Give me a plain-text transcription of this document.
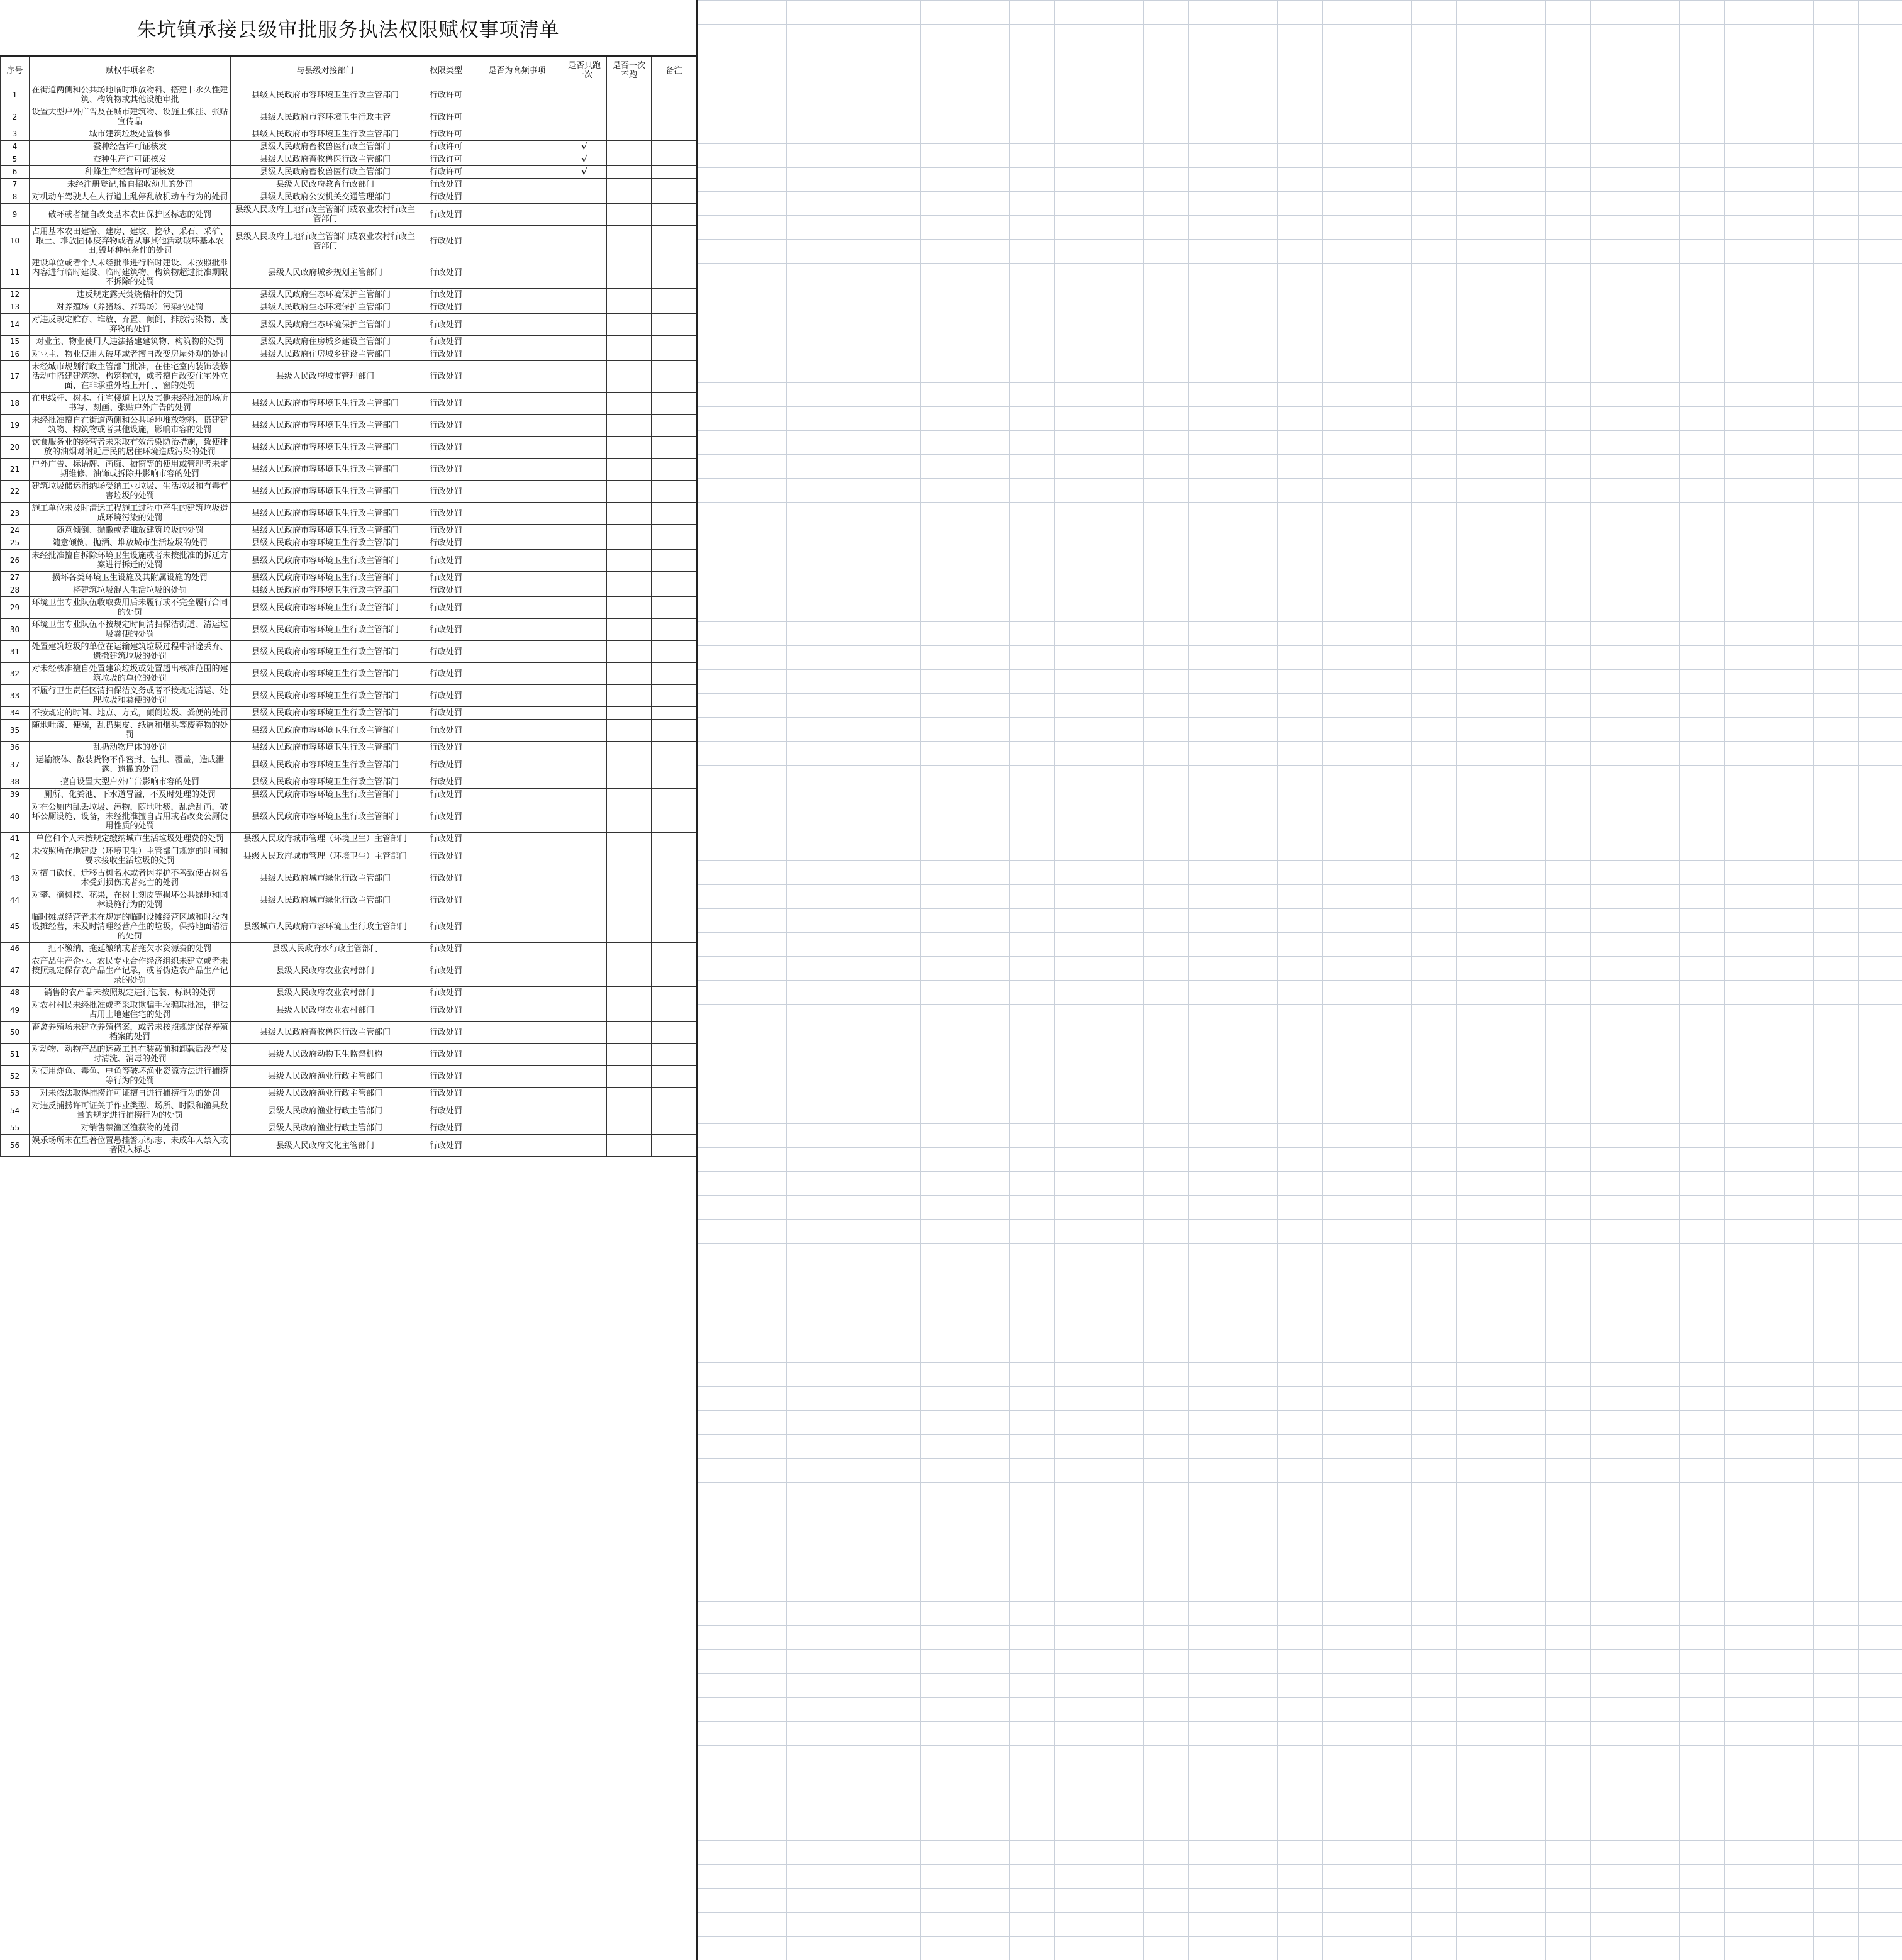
朱坑镇承接县级审批服务执法权限赋权事项清单
序号	赋权事项名称	与县级对接部门	权限类型	是否为高频事项	是否只跑一次	是否一次不跑	备注
1	在街道两侧和公共场地临时堆放物料、搭建非永久性建筑、构筑物或其他设施审批	县级人民政府市容环境卫生行政主管部门	行政许可				
2	设置大型户外广告及在城市建筑物、设施上张挂、张贴宣传品	县级人民政府市容环境卫生行政主管	行政许可				
3	城市建筑垃圾处置核准	县级人民政府市容环境卫生行政主管部门	行政许可				
4	蚕种经营许可证核发	县级人民政府畜牧兽医行政主管部门	行政许可		√		
5	蚕种生产许可证核发	县级人民政府畜牧兽医行政主管部门	行政许可		√		
6	种蜂生产经营许可证核发	县级人民政府畜牧兽医行政主管部门	行政许可		√		
7	未经注册登记,擅自招收幼儿的处罚	县级人民政府教育行政部门	行政处罚				
8	对机动车驾驶人在人行道上乱停乱放机动车行为的处罚	县级人民政府公安机关交通管理部门	行政处罚				
9	破坏或者擅自改变基本农田保护区标志的处罚	县级人民政府土地行政主管部门或农业农村行政主管部门	行政处罚				
10	占用基本农田建窑、建房、建坟、挖砂、采石、采矿、取土、堆放固体废弃物或者从事其他活动破坏基本农田,毁坏种植条件的处罚	县级人民政府土地行政主管部门或农业农村行政主管部门	行政处罚				
11	建设单位或者个人未经批准进行临时建设、未按照批准内容进行临时建设、临时建筑物、构筑物超过批准期限不拆除的处罚	县级人民政府城乡规划主管部门	行政处罚				
12	违反规定露天焚烧秸秆的处罚	县级人民政府生态环境保护主管部门	行政处罚				
13	对养殖场（养猪场、养鸡场）污染的处罚	县级人民政府生态环境保护主管部门	行政处罚				
14	对违反规定贮存、堆放、弃置、倾倒、排放污染物、废弃物的处罚	县级人民政府生态环境保护主管部门	行政处罚				
15	对业主、物业使用人违法搭建建筑物、构筑物的处罚	县级人民政府住房城乡建设主管部门	行政处罚				
16	对业主、物业使用人破坏或者擅自改变房屋外观的处罚	县级人民政府住房城乡建设主管部门	行政处罚				
17	未经城市规划行政主管部门批准，在住宅室内装饰装修活动中搭建建筑物、构筑物的，或者擅自改变住宅外立面、在非承重外墙上开门、窗的处罚	县级人民政府城市管理部门	行政处罚				
18	在电线杆、树木、住宅楼道上以及其他未经批准的场所书写、刻画、张贴户外广告的处罚	县级人民政府市容环境卫生行政主管部门	行政处罚				
19	未经批准擅自在街道两侧和公共场地堆放物料、搭建建筑物、构筑物或者其他设施，影响市容的处罚	县级人民政府市容环境卫生行政主管部门	行政处罚				
20	饮食服务业的经营者未采取有效污染防治措施，致使排放的油烟对附近居民的居住环境造成污染的处罚	县级人民政府市容环境卫生行政主管部门	行政处罚				
21	户外广告、标语牌、画廊、橱窗等的使用或管理者未定期维修、油饰或拆除并影响市容的处罚	县级人民政府市容环境卫生行政主管部门	行政处罚				
22	建筑垃圾储运消纳场受纳工业垃圾、生活垃圾和有毒有害垃圾的处罚	县级人民政府市容环境卫生行政主管部门	行政处罚				
23	施工单位未及时清运工程施工过程中产生的建筑垃圾造成环境污染的处罚	县级人民政府市容环境卫生行政主管部门	行政处罚				
24	随意倾倒、抛撒或者堆放建筑垃圾的处罚	县级人民政府市容环境卫生行政主管部门	行政处罚				
25	随意倾倒、抛洒、堆放城市生活垃圾的处罚	县级人民政府市容环境卫生行政主管部门	行政处罚				
26	未经批准擅自拆除环境卫生设施或者未按批准的拆迁方案进行拆迁的处罚	县级人民政府市容环境卫生行政主管部门	行政处罚				
27	损坏各类环境卫生设施及其附属设施的处罚	县级人民政府市容环境卫生行政主管部门	行政处罚				
28	将建筑垃圾混入生活垃圾的处罚	县级人民政府市容环境卫生行政主管部门	行政处罚				
29	环境卫生专业队伍收取费用后未履行或不完全履行合同的处罚	县级人民政府市容环境卫生行政主管部门	行政处罚				
30	环境卫生专业队伍不按规定时间清扫保洁街道、清运垃圾粪便的处罚	县级人民政府市容环境卫生行政主管部门	行政处罚				
31	处置建筑垃圾的单位在运输建筑垃圾过程中沿途丢弃、遗撒建筑垃圾的处罚	县级人民政府市容环境卫生行政主管部门	行政处罚				
32	对未经核准擅自处置建筑垃圾或处置超出核准范围的建筑垃圾的单位的处罚	县级人民政府市容环境卫生行政主管部门	行政处罚				
33	不履行卫生责任区清扫保洁义务或者不按规定清运、处理垃圾和粪便的处罚	县级人民政府市容环境卫生行政主管部门	行政处罚				
34	不按规定的时间、地点、方式，倾倒垃圾、粪便的处罚	县级人民政府市容环境卫生行政主管部门	行政处罚				
35	随地吐痰、便溺，乱扔果皮、纸屑和烟头等废弃物的处罚	县级人民政府市容环境卫生行政主管部门	行政处罚				
36	乱扔动物尸体的处罚	县级人民政府市容环境卫生行政主管部门	行政处罚				
37	运输液体、散装货物不作密封、包扎、覆盖，造成泄露、遗撒的处罚	县级人民政府市容环境卫生行政主管部门	行政处罚				
38	擅自设置大型户外广告影响市容的处罚	县级人民政府市容环境卫生行政主管部门	行政处罚				
39	厕所、化粪池、下水道冒溢，不及时处理的处罚	县级人民政府市容环境卫生行政主管部门	行政处罚				
40	对在公厕内乱丢垃圾、污物，随地吐痰，乱涂乱画，破坏公厕设施、设备，未经批准擅自占用或者改变公厕使用性质的处罚	县级人民政府市容环境卫生行政主管部门	行政处罚				
41	单位和个人未按规定缴纳城市生活垃圾处理费的处罚	县级人民政府城市管理（环境卫生）主管部门	行政处罚				
42	未按照所在地建设（环境卫生）主管部门规定的时间和要求接收生活垃圾的处罚	县级人民政府城市管理（环境卫生）主管部门	行政处罚				
43	对擅自砍伐，迁移古树名木或者因养护不善致使古树名木受到损伤或者死亡的处罚	县级人民政府城市绿化行政主管部门	行政处罚				
44	对攀、摘树枝、花果，在树上刻皮等损坏公共绿地和园林设施行为的处罚	县级人民政府城市绿化行政主管部门	行政处罚				
45	临时摊点经营者未在规定的临时设摊经营区域和时段内设摊经营，未及时清理经营产生的垃圾，保持地面清洁的处罚	县级城市人民政府市容环境卫生行政主管部门	行政处罚				
46	拒不缴纳、拖延缴纳或者拖欠水资源费的处罚	县级人民政府水行政主管部门	行政处罚				
47	农产品生产企业、农民专业合作经济组织未建立或者未按照规定保存农产品生产记录，或者伪造农产品生产记录的处罚	县级人民政府农业农村部门	行政处罚				
48	销售的农产品未按照规定进行包装、标识的处罚	县级人民政府农业农村部门	行政处罚				
49	对农村村民未经批准或者采取欺骗手段骗取批准，非法占用土地建住宅的处罚	县级人民政府农业农村部门	行政处罚				
50	畜禽养殖场未建立养殖档案，或者未按照规定保存养殖档案的处罚	县级人民政府畜牧兽医行政主管部门	行政处罚				
51	对动物、动物产品的运载工具在装载前和卸载后没有及时清洗、消毒的处罚	县级人民政府动物卫生监督机构	行政处罚				
52	对使用炸鱼、毒鱼、电鱼等破坏渔业资源方法进行捕捞等行为的处罚	县级人民政府渔业行政主管部门	行政处罚				
53	对未依法取得捕捞许可证擅自进行捕捞行为的处罚	县级人民政府渔业行政主管部门	行政处罚				
54	对违反捕捞许可证关于作业类型、场所、时限和渔具数量的规定进行捕捞行为的处罚	县级人民政府渔业行政主管部门	行政处罚				
55	对销售禁渔区渔获物的处罚	县级人民政府渔业行政主管部门	行政处罚				
56	娱乐场所未在显著位置悬挂警示标志、未成年人禁入或者限入标志	县级人民政府文化主管部门	行政处罚				
